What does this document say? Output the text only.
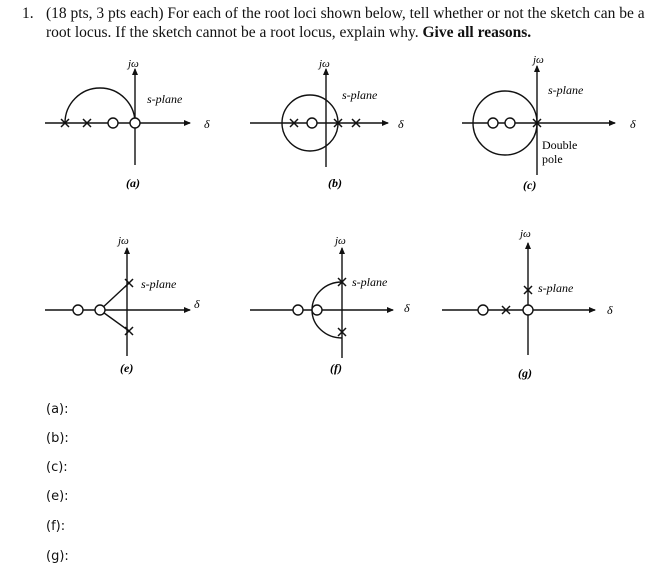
1. (18 pts, 3 pts each) For each of the root loci shown below, tell whether or not the sketch can be a root locus. If the sketch cannot be a root locus, explain why. Give all reasons.
jω
s-plane
δ
(a)
jω
s-plane
δ
(b)
jω
s-plane
δ
Double
pole
(c)
jω
s-plane
δ
(e)
jω
s-plane
δ
(f)
jω
s-plane
δ
(g)
(a):
(b):
(c):
(e):
(f):
(g):
